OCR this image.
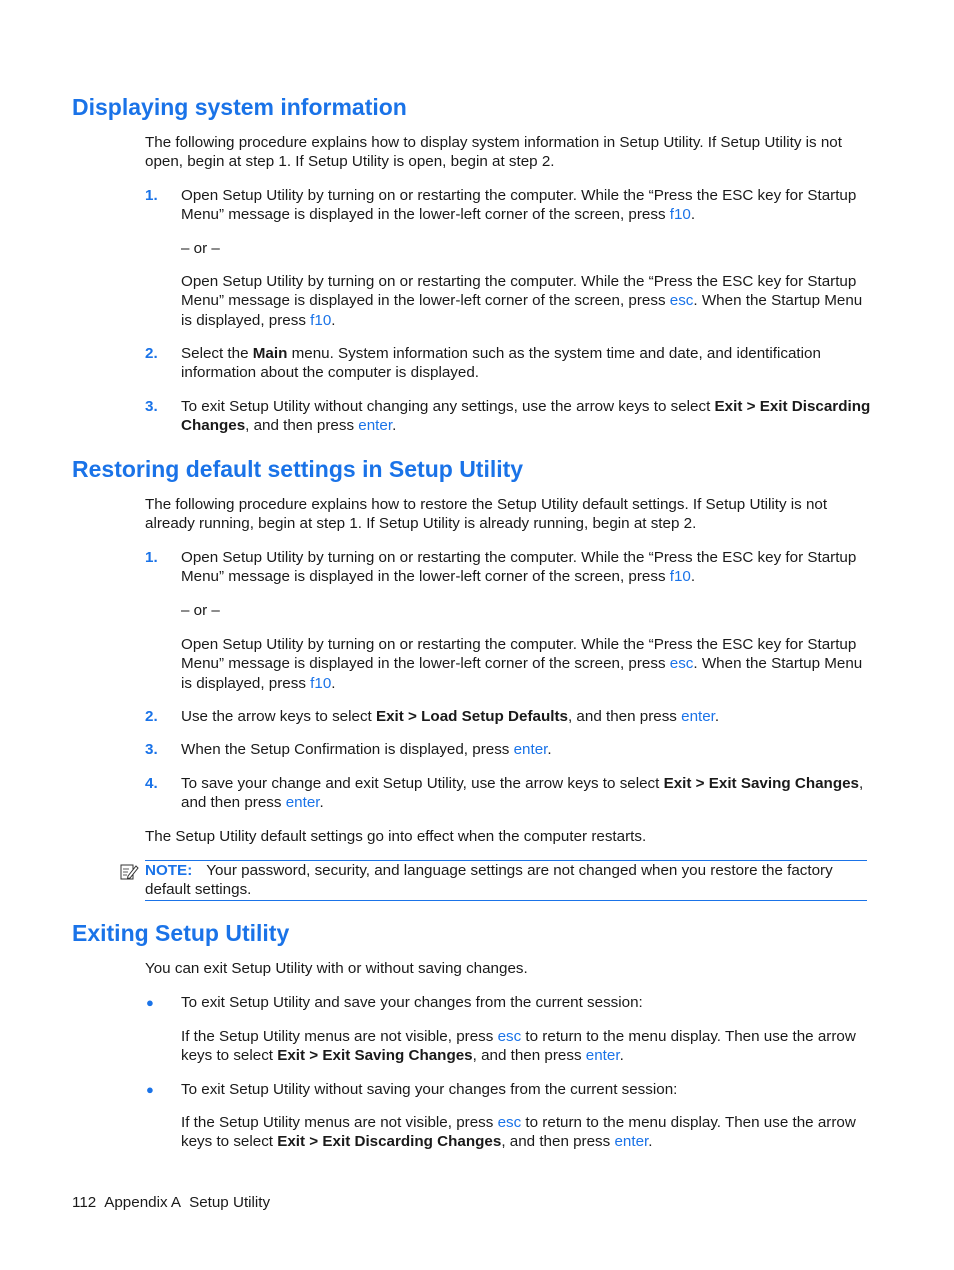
Displaying system information

The following procedure explains how to display system information in Setup Utility. If Setup Utility is not open, begin at step 1. If Setup Utility is open, begin at step 2.

1. Open Setup Utility by turning on or restarting the computer. While the “Press the ESC key for Startup Menu” message is displayed in the lower-left corner of the screen, press f10.

– or –

Open Setup Utility by turning on or restarting the computer. While the “Press the ESC key for Startup Menu” message is displayed in the lower-left corner of the screen, press esc. When the Startup Menu is displayed, press f10.

2. Select the Main menu. System information such as the system time and date, and identification information about the computer is displayed.

3. To exit Setup Utility without changing any settings, use the arrow keys to select Exit > Exit Discarding Changes, and then press enter.

Restoring default settings in Setup Utility

The following procedure explains how to restore the Setup Utility default settings. If Setup Utility is not already running, begin at step 1. If Setup Utility is already running, begin at step 2.

1. Open Setup Utility by turning on or restarting the computer. While the “Press the ESC key for Startup Menu” message is displayed in the lower-left corner of the screen, press f10.

– or –

Open Setup Utility by turning on or restarting the computer. While the “Press the ESC key for Startup Menu” message is displayed in the lower-left corner of the screen, press esc. When the Startup Menu is displayed, press f10.

2. Use the arrow keys to select Exit > Load Setup Defaults, and then press enter.

3. When the Setup Confirmation is displayed, press enter.

4. To save your change and exit Setup Utility, use the arrow keys to select Exit > Exit Saving Changes, and then press enter.

The Setup Utility default settings go into effect when the computer restarts.

NOTE: Your password, security, and language settings are not changed when you restore the factory default settings.

Exiting Setup Utility

You can exit Setup Utility with or without saving changes.

● To exit Setup Utility and save your changes from the current session:

If the Setup Utility menus are not visible, press esc to return to the menu display. Then use the arrow keys to select Exit > Exit Saving Changes, and then press enter.

● To exit Setup Utility without saving your changes from the current session:

If the Setup Utility menus are not visible, press esc to return to the menu display. Then use the arrow keys to select Exit > Exit Discarding Changes, and then press enter.

112 Appendix A Setup Utility
